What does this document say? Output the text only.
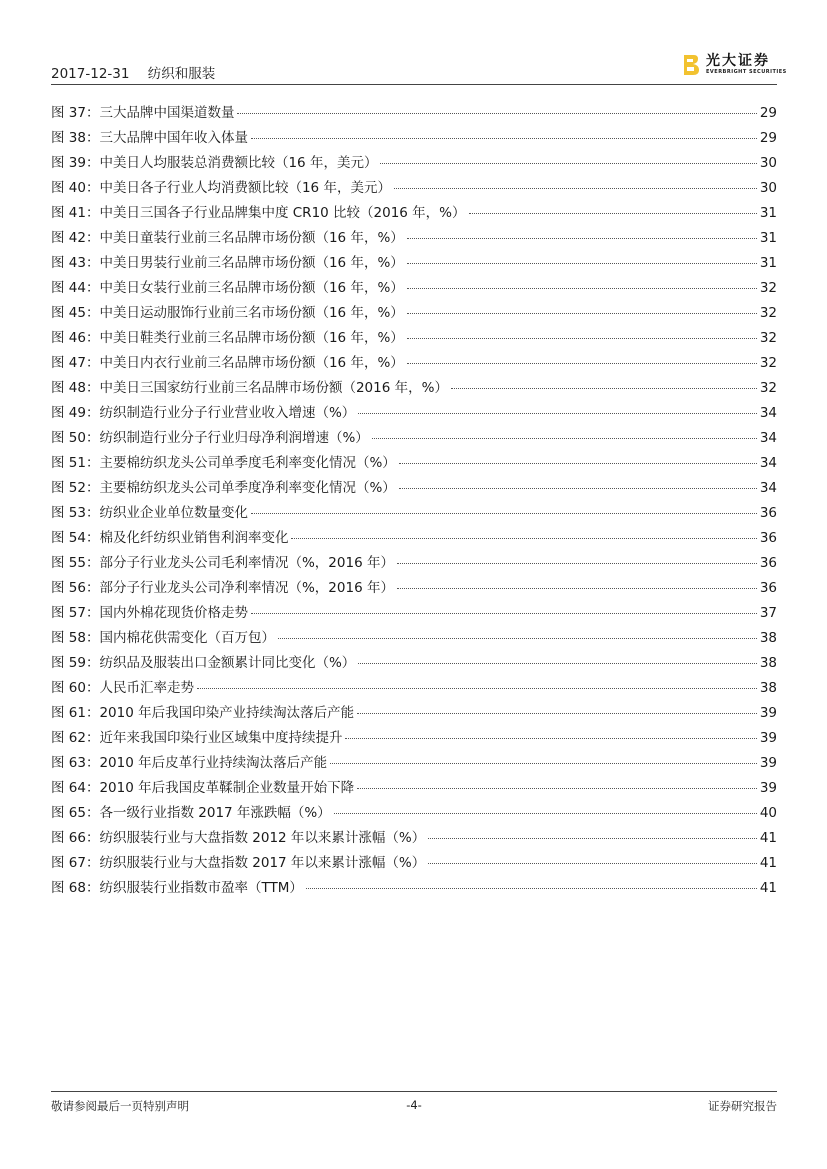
2017-12-31 纺织和服装
光大证券
EVERBRIGHT SECURITIES
图 37：三大品牌中国渠道数量	29
图 38：三大品牌中国年收入体量	29
图 39：中美日人均服装总消费额比较（16 年，美元）	30
图 40：中美日各子行业人均消费额比较（16 年，美元）	30
图 41：中美日三国各子行业品牌集中度 CR10 比较（2016 年，%）	31
图 42：中美日童装行业前三名品牌市场份额（16 年，%）	31
图 43：中美日男装行业前三名品牌市场份额（16 年，%）	31
图 44：中美日女装行业前三名品牌市场份额（16 年，%）	32
图 45：中美日运动服饰行业前三名市场份额（16 年，%）	32
图 46：中美日鞋类行业前三名品牌市场份额（16 年，%）	32
图 47：中美日内衣行业前三名品牌市场份额（16 年，%）	32
图 48：中美日三国家纺行业前三名品牌市场份额（2016 年，%）	32
图 49：纺织制造行业分子行业营业收入增速（%）	34
图 50：纺织制造行业分子行业归母净利润增速（%）	34
图 51：主要棉纺织龙头公司单季度毛利率变化情况（%）	34
图 52：主要棉纺织龙头公司单季度净利率变化情况（%）	34
图 53：纺织业企业单位数量变化	36
图 54：棉及化纤纺织业销售利润率变化	36
图 55：部分子行业龙头公司毛利率情况（%，2016 年）	36
图 56：部分子行业龙头公司净利率情况（%，2016 年）	36
图 57：国内外棉花现货价格走势	37
图 58：国内棉花供需变化（百万包）	38
图 59：纺织品及服装出口金额累计同比变化（%）	38
图 60：人民币汇率走势	38
图 61：2010 年后我国印染产业持续淘汰落后产能	39
图 62：近年来我国印染行业区域集中度持续提升	39
图 63：2010 年后皮革行业持续淘汰落后产能	39
图 64：2010 年后我国皮革鞣制企业数量开始下降	39
图 65：各一级行业指数 2017 年涨跌幅（%）	40
图 66：纺织服装行业与大盘指数 2012 年以来累计涨幅（%）	41
图 67：纺织服装行业与大盘指数 2017 年以来累计涨幅（%）	41
图 68：纺织服装行业指数市盈率（TTM）	41
敬请参阅最后一页特别声明	-4-	证券研究报告
